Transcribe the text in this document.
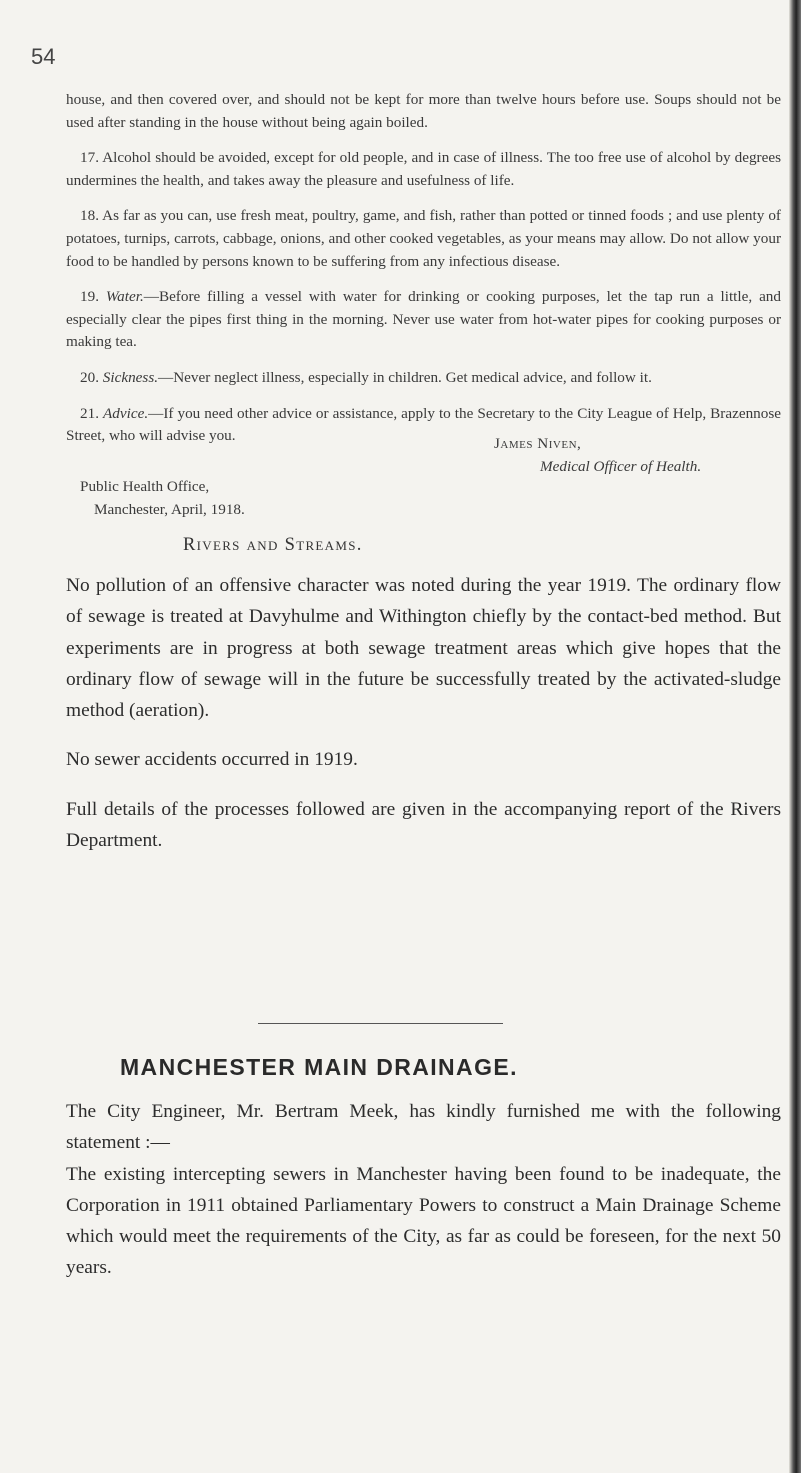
54

house, and then covered over, and should not be kept for more than twelve hours before use. Soups should not be used after standing in the house without being again boiled.

17. Alcohol should be avoided, except for old people, and in case of illness. The too free use of alcohol by degrees undermines the health, and takes away the pleasure and usefulness of life.

18. As far as you can, use fresh meat, poultry, game, and fish, rather than potted or tinned foods ; and use plenty of potatoes, turnips, carrots, cabbage, onions, and other cooked vegetables, as your means may allow. Do not allow your food to be handled by persons known to be suffering from any infectious disease.

19. Water.—Before filling a vessel with water for drinking or cooking purposes, let the tap run a little, and especially clear the pipes first thing in the morning. Never use water from hot-water pipes for cooking purposes or making tea.

20. Sickness.—Never neglect illness, especially in children. Get medical advice, and follow it.

21. Advice.—If you need other advice or assistance, apply to the Secretary to the City League of Help, Brazennose Street, who will advise you.	James Niven,
Medical Officer of Health.
Public Health Office,
Manchester, April, 1918.
Rivers and Streams.

No pollution of an offensive character was noted during the year 1919. The ordinary flow of sewage is treated at Davyhulme and Withington chiefly by the contact-bed method. But experiments are in progress at both sewage treatment areas which give hopes that the ordinary flow of sewage will in the future be successfully treated by the activated-sludge method (aeration).

No sewer accidents occurred in 1919.

Full details of the processes followed are given in the accompanying report of the Rivers Department.

MANCHESTER MAIN DRAINAGE.

The City Engineer, Mr. Bertram Meek, has kindly furnished me with the following statement :—

The existing intercepting sewers in Manchester having been found to be inadequate, the Corporation in 1911 obtained Parliamentary Powers to construct a Main Drainage Scheme which would meet the requirements of the City, as far as could be foreseen, for the next 50 years.
